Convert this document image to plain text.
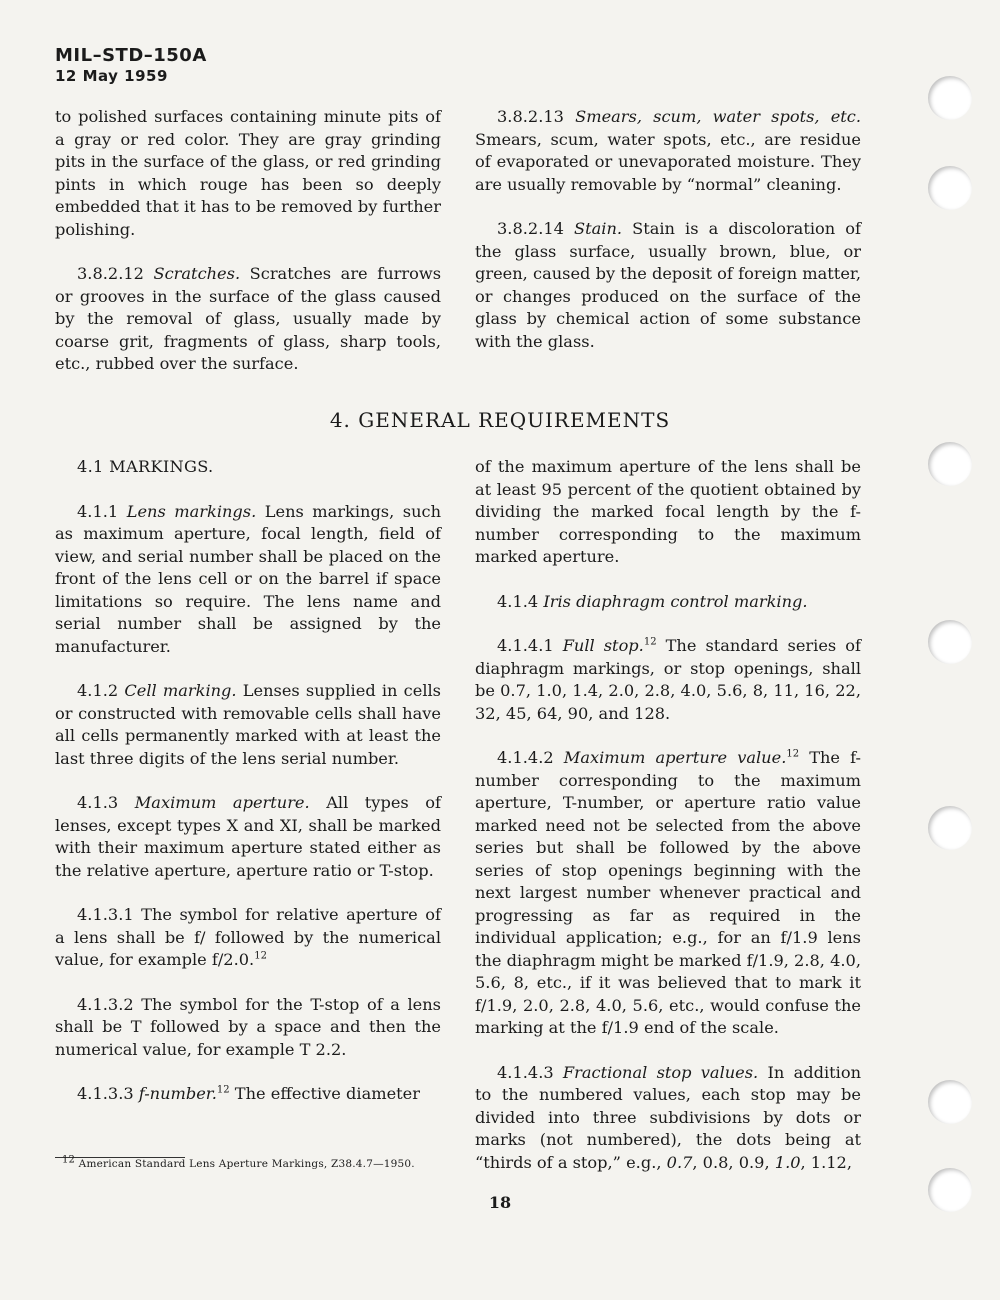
MIL–STD–150A
12 May 1959

to polished surfaces containing minute pits of a gray or red color. They are gray grinding pits in the surface of the glass, or red grinding pints in which rouge has been so deeply embedded that it has to be removed by further polishing.

3.8.2.12 Scratches. Scratches are furrows or grooves in the surface of the glass caused by the removal of glass, usually made by coarse grit, fragments of glass, sharp tools, etc., rubbed over the surface.

3.8.2.13 Smears, scum, water spots, etc. Smears, scum, water spots, etc., are residue of evaporated or unevaporated moisture. They are usually removable by “normal” cleaning.

3.8.2.14 Stain. Stain is a discoloration of the glass surface, usually brown, blue, or green, caused by the deposit of foreign matter, or changes produced on the surface of the glass by chemical action of some substance with the glass.

4. GENERAL REQUIREMENTS

4.1 MARKINGS.

4.1.1 Lens markings. Lens markings, such as maximum aperture, focal length, field of view, and serial number shall be placed on the front of the lens cell or on the barrel if space limitations so require. The lens name and serial number shall be assigned by the manufacturer.

4.1.2 Cell marking. Lenses supplied in cells or constructed with removable cells shall have all cells permanently marked with at least the last three digits of the lens serial number.

4.1.3 Maximum aperture. All types of lenses, except types X and XI, shall be marked with their maximum aperture stated either as the relative aperture, aperture ratio or T-stop.

4.1.3.1 The symbol for relative aperture of a lens shall be f/ followed by the numerical value, for example f/2.0.12

4.1.3.2 The symbol for the T-stop of a lens shall be T followed by a space and then the numerical value, for example T 2.2.

4.1.3.3 f-number.$^{12}$ The effective diameter

of the maximum aperture of the lens shall be at least 95 percent of the quotient obtained by dividing the marked focal length by the f-number corresponding to the maximum marked aperture.

4.1.4 Iris diaphragm control marking.

4.1.4.1 Full stop.$^{12}$ The standard series of diaphragm markings, or stop openings, shall be 0.7, 1.0, 1.4, 2.0, 2.8, 4.0, 5.6, 8, 11, 16, 22, 32, 45, 64, 90, and 128.

4.1.4.2 Maximum aperture value.$^{12}$ The f-number corresponding to the maximum aperture, T-number, or aperture ratio value marked need not be selected from the above series but shall be followed by the above series of stop openings beginning with the next largest number whenever practical and progressing as far as required in the individual application; e.g., for an f/1.9 lens the diaphragm might be marked f/1.9, 2.8, 4.0, 5.6, 8, etc., if it was believed that to mark it f/1.9, 2.0, 2.8, 4.0, 5.6, etc., would confuse the marking at the f/1.9 end of the scale.

4.1.4.3 Fractional stop values. In addition to the numbered values, each stop may be divided into three subdivisions by dots or marks (not numbered), the dots being at “thirds of a stop,” e.g., 0.7, 0.8, 0.9, 1.0, 1.12,

$^{12}$ American Standard Lens Aperture Markings, Z38.4.7—1950.
18
